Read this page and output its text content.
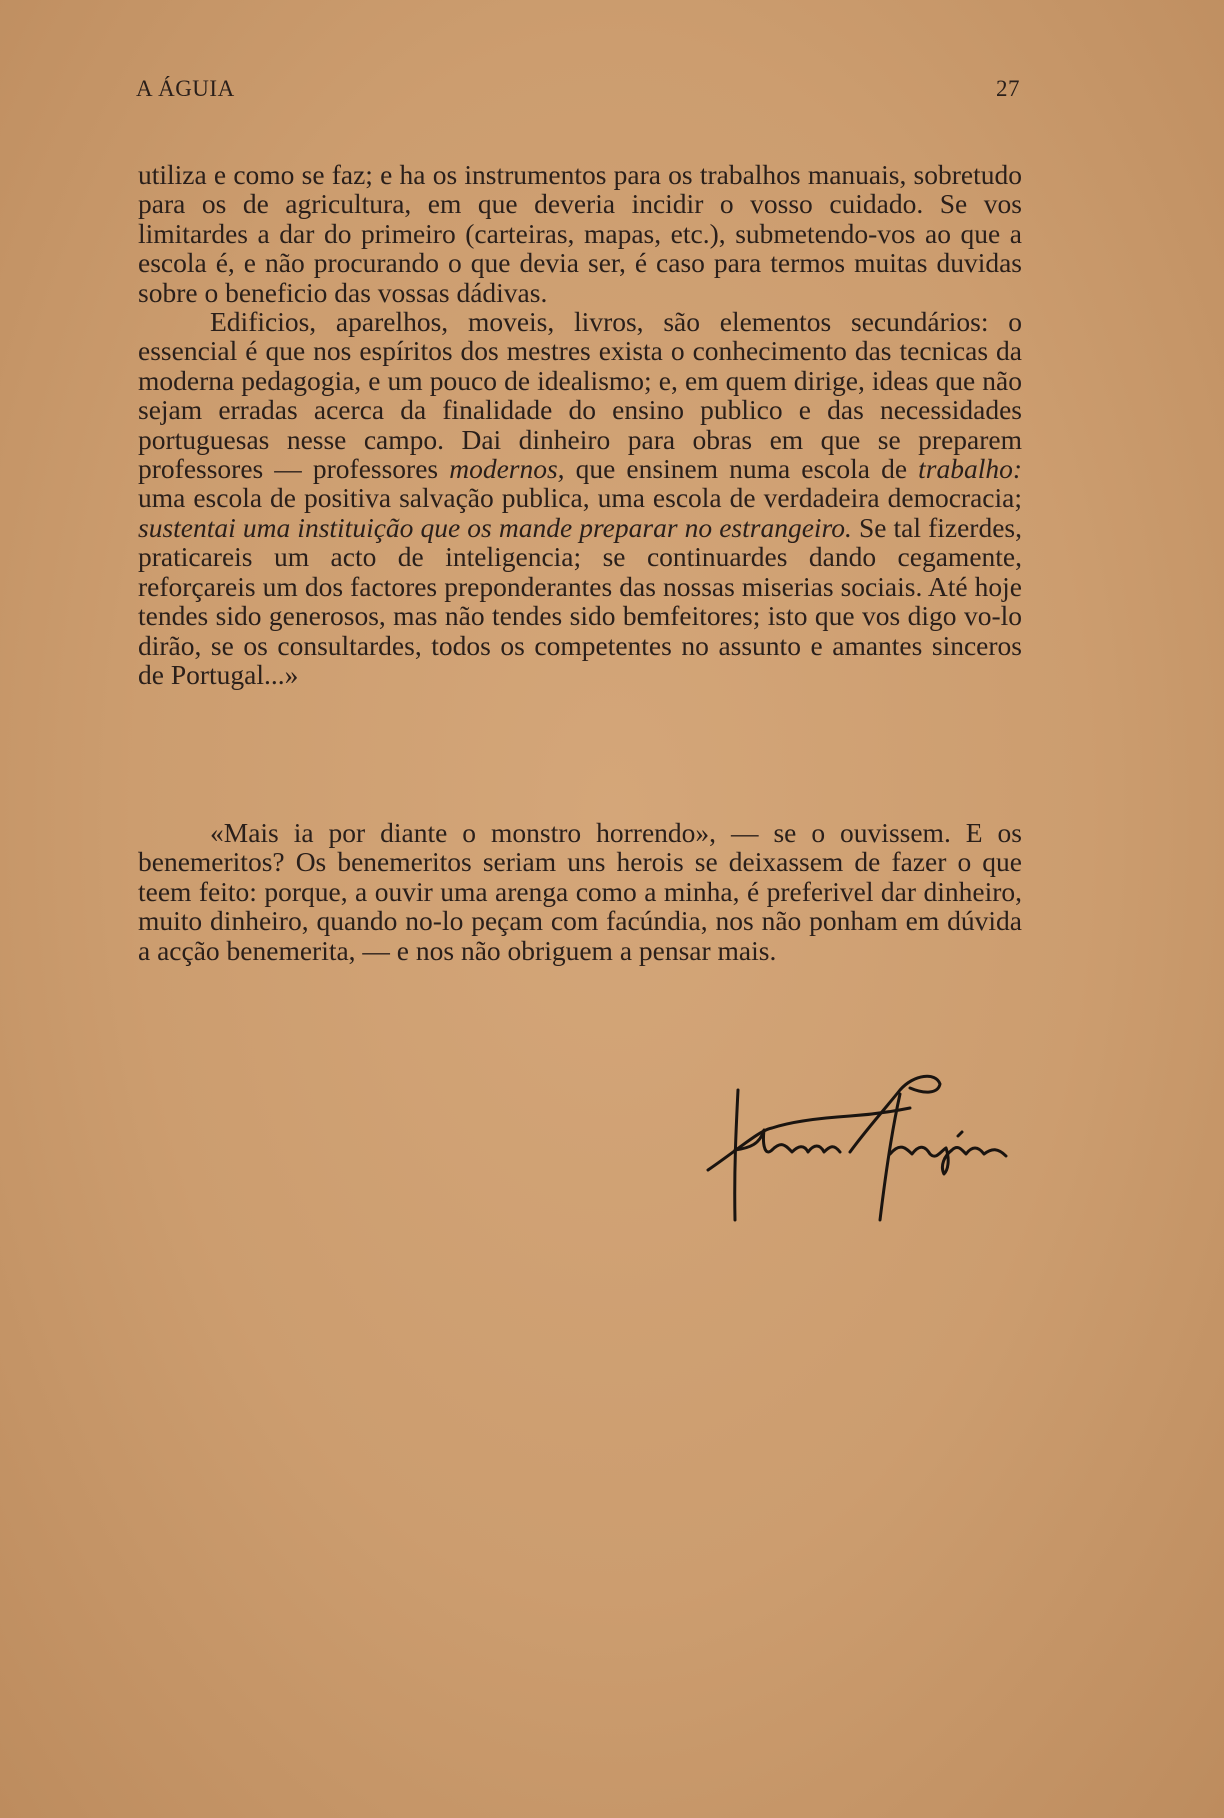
A ÁGUIA	27

utiliza e como se faz; e ha os instrumentos para os trabalhos manuais, sobretudo para os de agricultura, em que deveria incidir o vosso cuidado. Se vos limitardes a dar do primeiro (carteiras, mapas, etc.), submetendo-vos ao que a escola é, e não procurando o que devia ser, é caso para termos muitas duvidas sobre o beneficio das vossas dádivas.

Edificios, aparelhos, moveis, livros, são elementos secundários: o essencial é que nos espíritos dos mestres exista o conhecimento das tecnicas da moderna pedagogia, e um pouco de idealismo; e, em quem dirige, ideas que não sejam erradas acerca da finalidade do ensino publico e das necessidades portuguesas nesse campo. Dai dinheiro para obras em que se preparem professores — professores modernos, que ensinem numa escola de trabalho: uma escola de positiva salvação publica, uma escola de verdadeira democracia; sustentai uma instituição que os mande preparar no estrangeiro. Se tal fizerdes, praticareis um acto de inteligencia; se continuardes dando cegamente, reforçareis um dos factores preponderantes das nossas miserias sociais. Até hoje tendes sido generosos, mas não tendes sido bemfeitores; isto que vos digo vo-lo dirão, se os consultardes, todos os competentes no assunto e amantes sinceros de Portugal...»

«Mais ia por diante o monstro horrendo», — se o ouvissem. E os benemeritos? Os benemeritos seriam uns herois se deixassem de fazer o que teem feito: porque, a ouvir uma arenga como a minha, é preferivel dar dinheiro, muito dinheiro, quando no-lo peçam com facúndia, nos não ponham em dúvida a acção benemerita, — e nos não obriguem a pensar mais.
